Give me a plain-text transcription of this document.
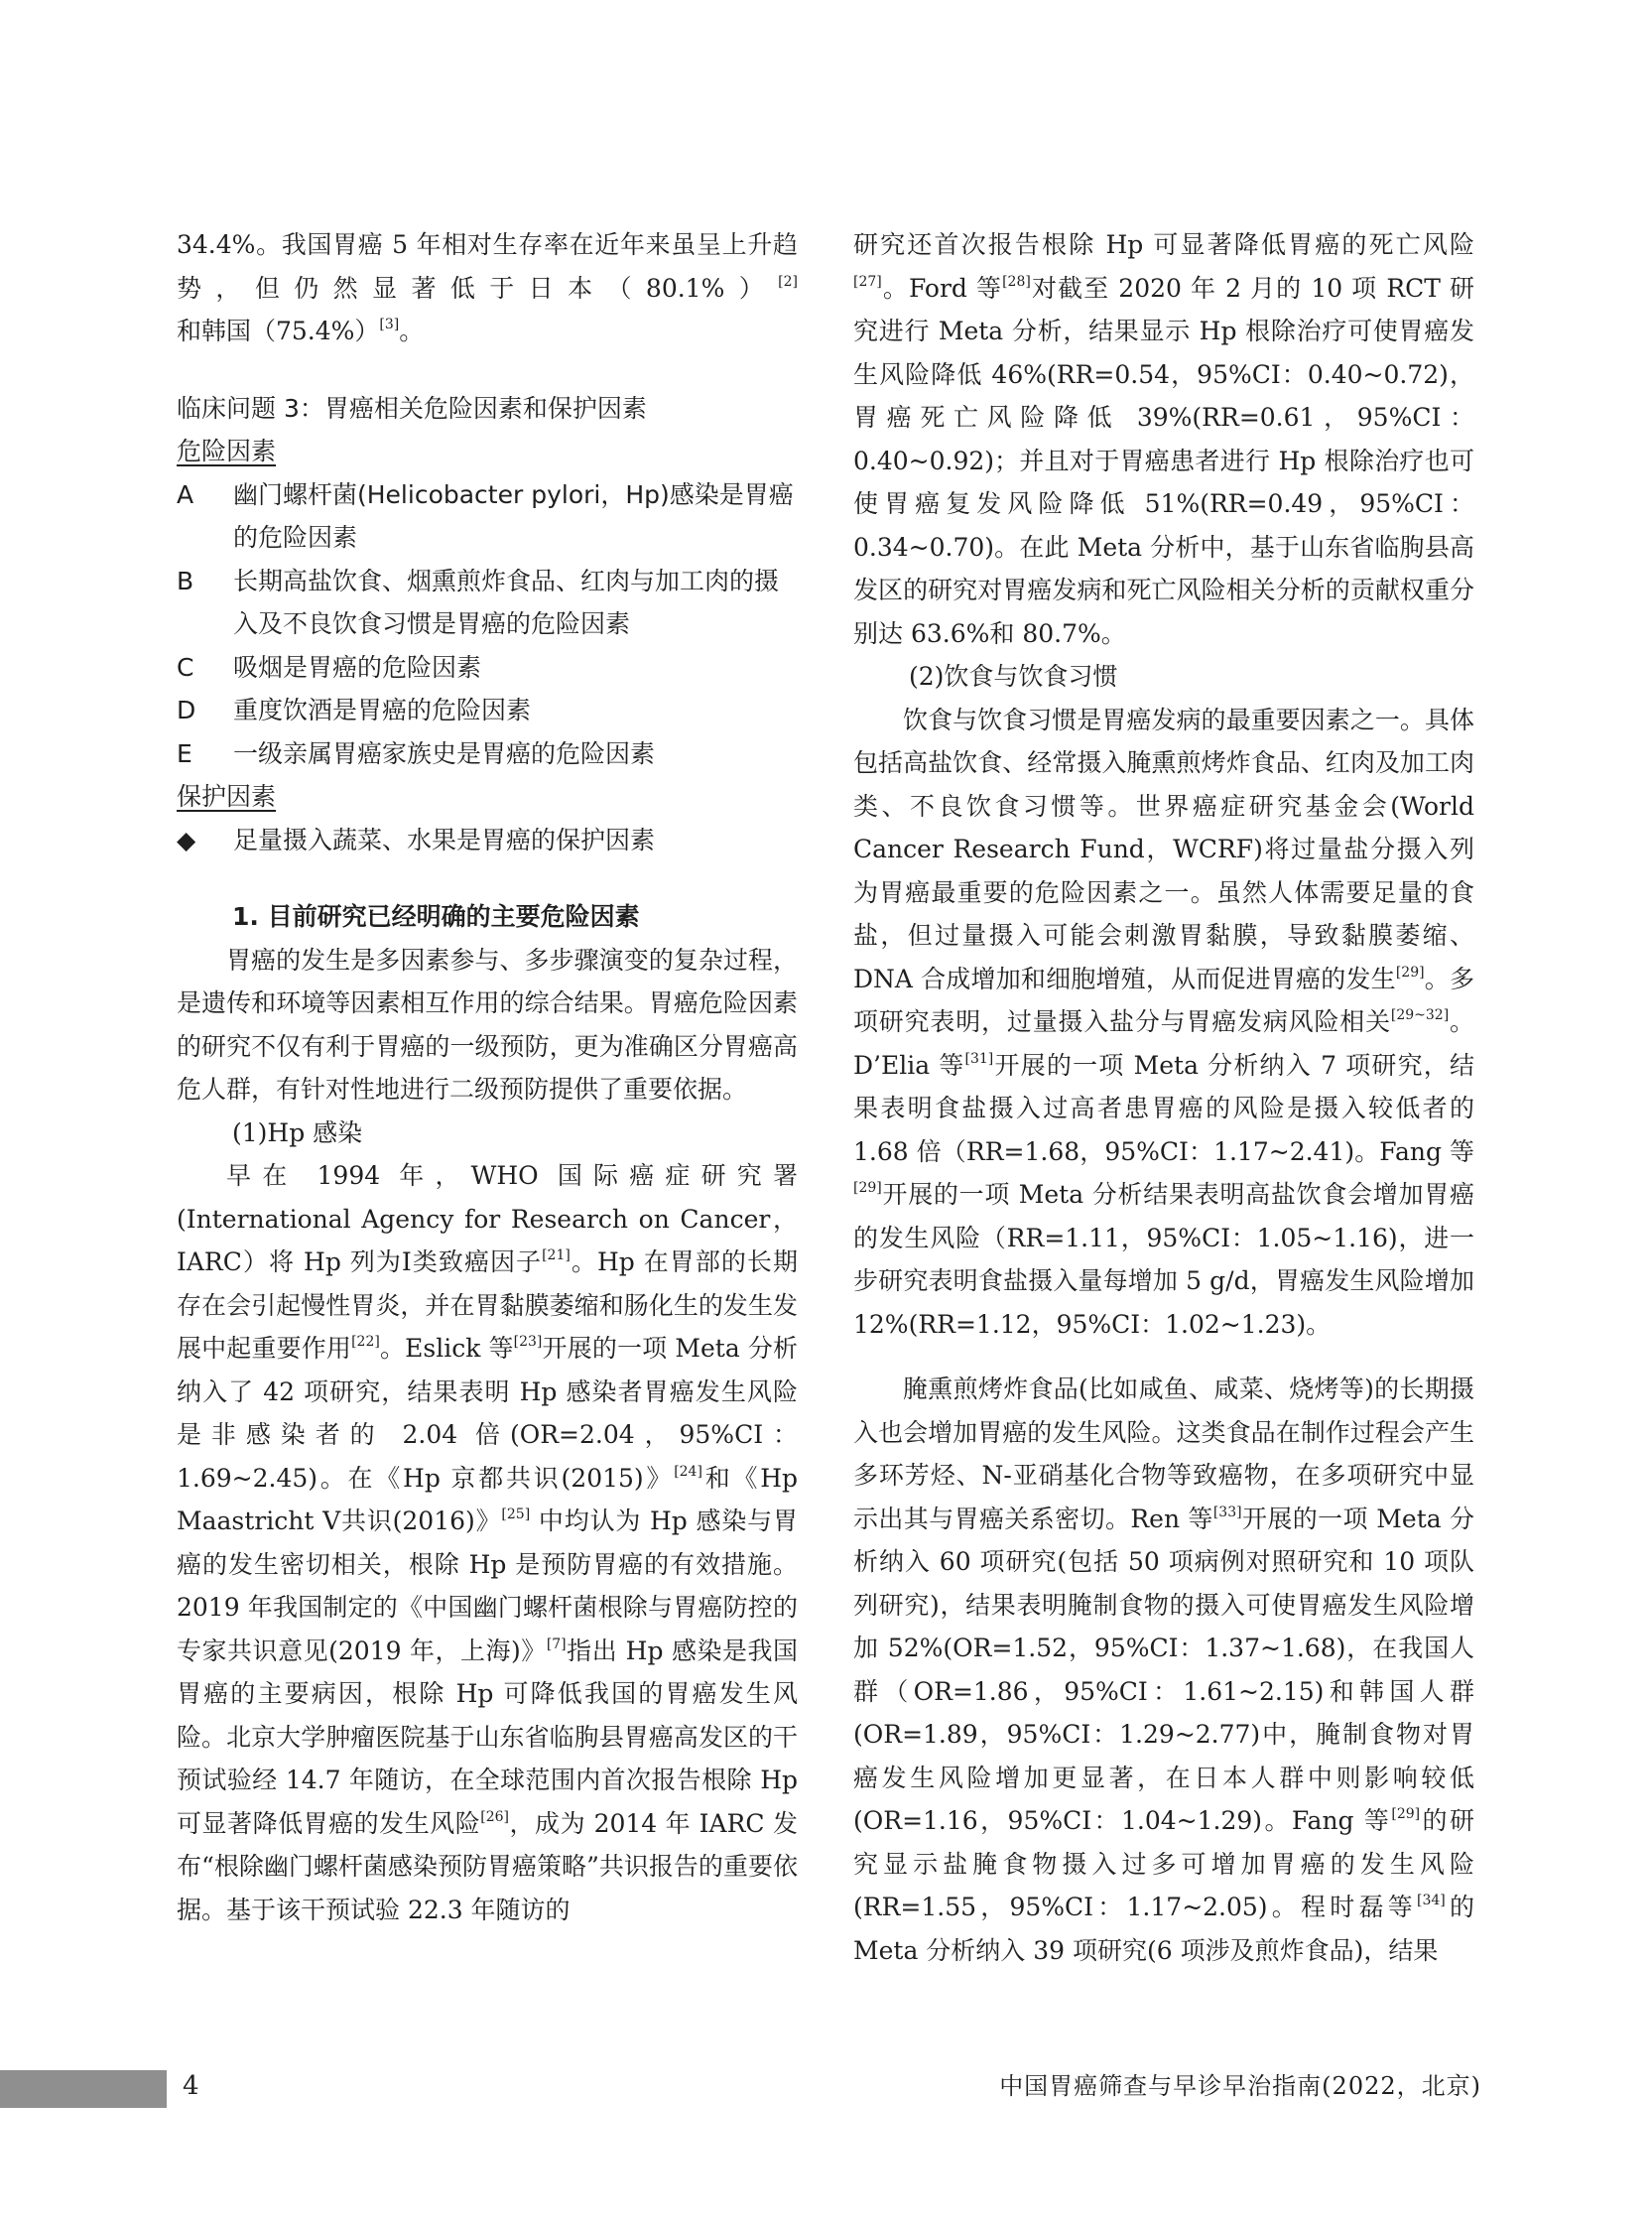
34.4%。我国胃癌 5 年相对生存率在近年来虽呈上升趋势，但仍然显著低于日本（80.1%）[2] 和韩国（75.4%）[3]。

临床问题 3：胃癌相关危险因素和保护因素

危险因素

A	幽门螺杆菌(Helicobacter pylori，Hp)感染是胃癌的危险因素
B	长期高盐饮食、烟熏煎炸食品、红肉与加工肉的摄入及不良饮食习惯是胃癌的危险因素
C	吸烟是胃癌的危险因素
D	重度饮酒是胃癌的危险因素
E	一级亲属胃癌家族史是胃癌的危险因素

保护因素

◆	足量摄入蔬菜、水果是胃癌的保护因素

1. 目前研究已经明确的主要危险因素

胃癌的发生是多因素参与、多步骤演变的复杂过程，是遗传和环境等因素相互作用的综合结果。胃癌危险因素的研究不仅有利于胃癌的一级预防，更为准确区分胃癌高危人群，有针对性地进行二级预防提供了重要依据。

(1)Hp 感染

早在 1994 年，WHO 国际癌症研究署(International Agency for Research on Cancer，IARC）将 Hp 列为Ⅰ类致癌因子[21]。Hp 在胃部的长期存在会引起慢性胃炎，并在胃黏膜萎缩和肠化生的发生发展中起重要作用[22]。Eslick 等[23]开展的一项 Meta 分析纳入了 42 项研究，结果表明 Hp 感染者胃癌发生风险是非感染者的 2.04 倍(OR=2.04，95%CI：1.69~2.45)。在《Hp 京都共识(2015)》[24]和《Hp Maastricht Ⅴ共识(2016)》[25] 中均认为 Hp 感染与胃癌的发生密切相关，根除 Hp 是预防胃癌的有效措施。2019 年我国制定的《中国幽门螺杆菌根除与胃癌防控的专家共识意见(2019 年，上海)》[7]指出 Hp 感染是我国胃癌的主要病因，根除 Hp 可降低我国的胃癌发生风险。北京大学肿瘤医院基于山东省临朐县胃癌高发区的干预试验经 14.7 年随访，在全球范围内首次报告根除 Hp 可显著降低胃癌的发生风险[26]，成为 2014 年 IARC 发布“根除幽门螺杆菌感染预防胃癌策略”共识报告的重要依据。基于该干预试验 22.3 年随访的

研究还首次报告根除 Hp 可显著降低胃癌的死亡风险[27]。Ford 等[28]对截至 2020 年 2 月的 10 项 RCT 研究进行 Meta 分析，结果显示 Hp 根除治疗可使胃癌发生风险降低 46%(RR=0.54，95%CI：0.40~0.72)，胃癌死亡风险降低 39%(RR=0.61，95%CI：0.40~0.92)；并且对于胃癌患者进行 Hp 根除治疗也可使胃癌复发风险降低 51%(RR=0.49，95%CI：0.34~0.70)。在此 Meta 分析中，基于山东省临朐县高发区的研究对胃癌发病和死亡风险相关分析的贡献权重分别达 63.6%和 80.7%。

(2)饮食与饮食习惯

饮食与饮食习惯是胃癌发病的最重要因素之一。具体包括高盐饮食、经常摄入腌熏煎烤炸食品、红肉及加工肉类、不良饮食习惯等。世界癌症研究基金会(World Cancer Research Fund，WCRF)将过量盐分摄入列为胃癌最重要的危险因素之一。虽然人体需要足量的食盐，但过量摄入可能会刺激胃黏膜，导致黏膜萎缩、DNA 合成增加和细胞增殖，从而促进胃癌的发生[29]。多项研究表明，过量摄入盐分与胃癌发病风险相关[29~32]。D’Elia 等[31]开展的一项 Meta 分析纳入 7 项研究，结果表明食盐摄入过高者患胃癌的风险是摄入较低者的 1.68 倍（RR=1.68，95%CI：1.17~2.41)。Fang 等[29]开展的一项 Meta 分析结果表明高盐饮食会增加胃癌的发生风险（RR=1.11，95%CI：1.05~1.16)，进一步研究表明食盐摄入量每增加 5 g/d，胃癌发生风险增加 12%(RR=1.12，95%CI：1.02~1.23)。

腌熏煎烤炸食品(比如咸鱼、咸菜、烧烤等)的长期摄入也会增加胃癌的发生风险。这类食品在制作过程会产生多环芳烃、N-亚硝基化合物等致癌物，在多项研究中显示出其与胃癌关系密切。Ren 等[33]开展的一项 Meta 分析纳入 60 项研究(包括 50 项病例对照研究和 10 项队列研究)，结果表明腌制食物的摄入可使胃癌发生风险增加 52%(OR=1.52，95%CI：1.37~1.68)，在我国人群（OR=1.86，95%CI：1.61~2.15)和韩国人群(OR=1.89，95%CI：1.29~2.77)中，腌制食物对胃癌发生风险增加更显著，在日本人群中则影响较低(OR=1.16，95%CI：1.04~1.29)。Fang 等[29]的研究显示盐腌食物摄入过多可增加胃癌的发生风险(RR=1.55，95%CI：1.17~2.05)。程时磊等[34]的 Meta 分析纳入 39 项研究(6 项涉及煎炸食品)，结果

4	中国胃癌筛查与早诊早治指南(2022，北京)
